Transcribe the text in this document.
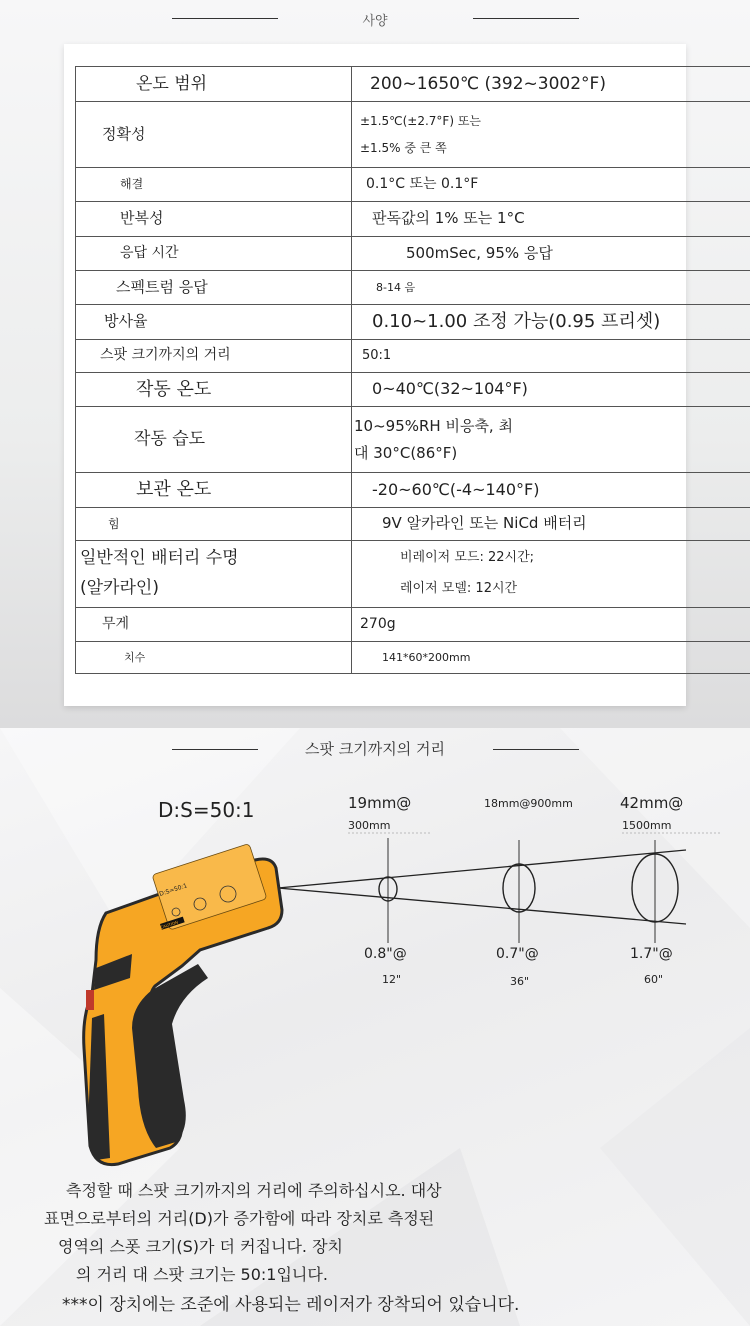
사양
온도 범위	200~1650℃ (392~3002°F)
정확성	±1.5℃(±2.7°F) 또는
±1.5% 중 큰 쪽
해결	0.1°C 또는 0.1°F
반복성	판독값의 1% 또는 1°C
응답 시간	500mSec, 95% 응답
스펙트럼 응답	8-14 음
방사율	0.10~1.00 조정 가능(0.95 프리셋)
스팟 크기까지의 거리	50:1
작동 온도	0~40℃(32~104°F)
작동 습도	10~95%RH 비응축, 최
대 30°C(86°F)
보관 온도	-20~60℃(-4~140°F)
힘	9V 알카라인 또는 NiCd 배터리
일반적인 배터리 수명
(알카라인)	비레이저 모드: 22시간;
레이저 모델: 12시간
무게	270g
치수	141*60*200mm
스팟 크기까지의 거리
D:S=50:1	19mm@
300mm
18mm@900mm	42mm@
1500mm
0.8"@
12"
0.7"@
36"
1.7"@
60"
D:S=50:1
CAUTION
측정할 때 스팟 크기까지의 거리에 주의하십시오. 대상
표면으로부터의 거리(D)가 증가함에 따라 장치로 측정된
영역의 스폿 크기(S)가 더 커집니다. 장치
의 거리 대 스팟 크기는 50:1입니다.
***이 장치에는 조준에 사용되는 레이저가 장착되어 있습니다.
